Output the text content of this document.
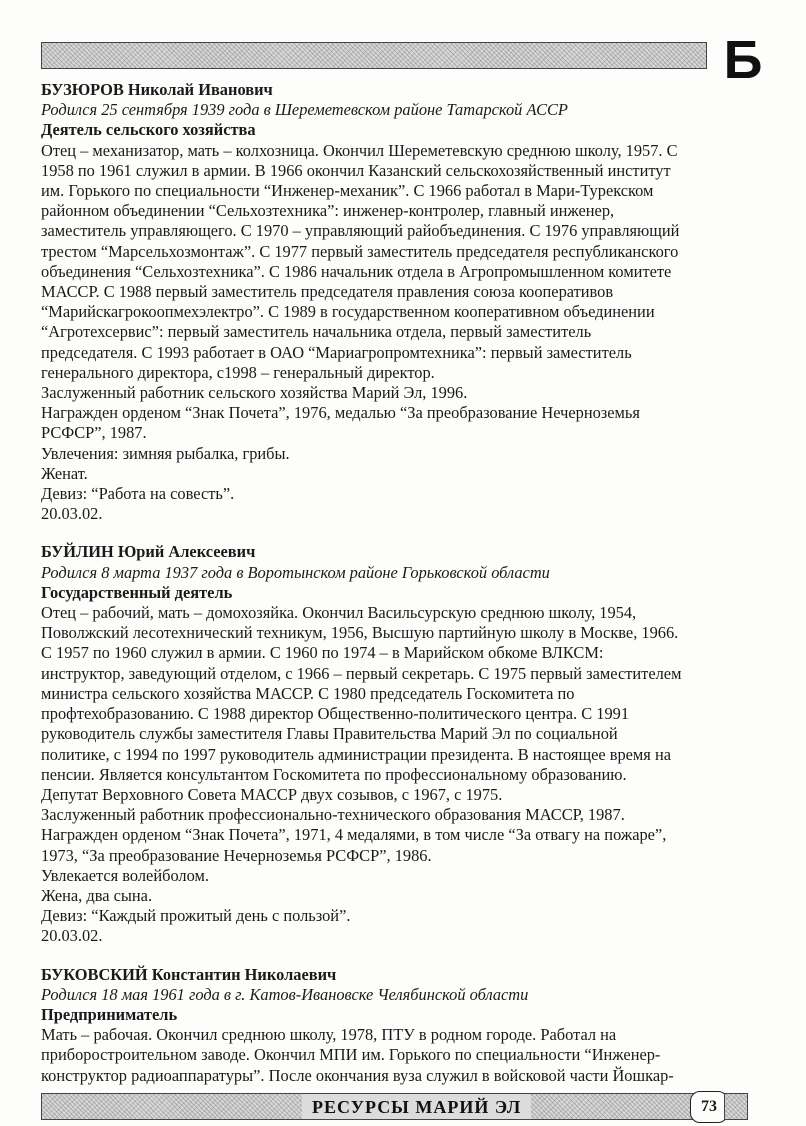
Б
БУЗЮРОВ Николай Иванович
Родился 25 сентября 1939 года в Шереметевском районе Татарской АССР
Деятель сельского хозяйства

Отец – механизатор, мать – колхозница. Окончил Шереметевскую среднюю школу, 1957. С

1958 по 1961 служил в армии. В 1966 окончил Казанский сельскохозяйственный институт

им. Горького по специальности “Инженер-механик”. С 1966 работал в Мари-Турекском

районном объединении “Сельхозтехника”: инженер-контролер, главный инженер,

заместитель управляющего. С 1970 – управляющий райобъединения. С 1976 управляющий

трестом “Марсельхозмонтаж”. С 1977 первый заместитель председателя республиканского

объединения “Сельхозтехника”. С 1986 начальник отдела в Агропромышленном комитете

МАССР. С 1988 первый заместитель председателя правления союза кооперативов

“Марийскагрокоопмехэлектро”. С 1989 в государственном кооперативном объединении

“Агротехсервис”: первый заместитель начальника отдела, первый заместитель

председателя. С 1993 работает в ОАО “Мариагропромтехника”: первый заместитель

генерального директора, с1998 – генеральный директор.

Заслуженный работник сельского хозяйства Марий Эл, 1996.

Награжден орденом “Знак Почета”, 1976, медалью “За преобразование Нечерноземья

РСФСР”, 1987.

Увлечения: зимняя рыбалка, грибы.

Женат.

Девиз: “Работа на совесть”.

20.03.02.

БУЙЛИН Юрий Алексеевич
Родился 8 марта 1937 года в Воротынском районе Горьковской области
Государственный деятель

Отец – рабочий, мать – домохозяйка. Окончил Васильсурскую среднюю школу, 1954,

Поволжский лесотехнический техникум, 1956, Высшую партийную школу в Москве, 1966.

С 1957 по 1960 служил в армии. С 1960 по 1974 – в Марийском обкоме ВЛКСМ:

инструктор, заведующий отделом, с 1966 – первый секретарь. С 1975 первый заместителем

министра сельского хозяйства МАССР. С 1980 председатель Госкомитета по

профтехобразованию. С 1988 директор Общественно-политического центра. С 1991

руководитель службы заместителя Главы Правительства Марий Эл по социальной

политике, с 1994 по 1997 руководитель администрации президента. В настоящее время на

пенсии. Является консультантом Госкомитета по профессиональному образованию.

Депутат Верховного Совета МАССР двух созывов, с 1967, с 1975.

Заслуженный работник профессионально-технического образования МАССР, 1987.

Награжден орденом “Знак Почета”, 1971, 4 медалями, в том числе “За отвагу на пожаре”,

1973, “За преобразование Нечерноземья РСФСР”, 1986.

Увлекается волейболом.

Жена, два сына.

Девиз: “Каждый прожитый день с пользой”.

20.03.02.

БУКОВСКИЙ Константин Николаевич
Родился 18 мая 1961 года в г. Катов-Ивановске Челябинской области
Предприниматель

Мать – рабочая. Окончил среднюю школу, 1978, ПТУ в родном городе. Работал на

приборостроительном заводе. Окончил МПИ им. Горького по специальности “Инженер-

конструктор радиоаппаратуры”. После окончания вуза служил в войсковой части Йошкар-

РЕСУРСЫ МАРИЙ ЭЛ	73
